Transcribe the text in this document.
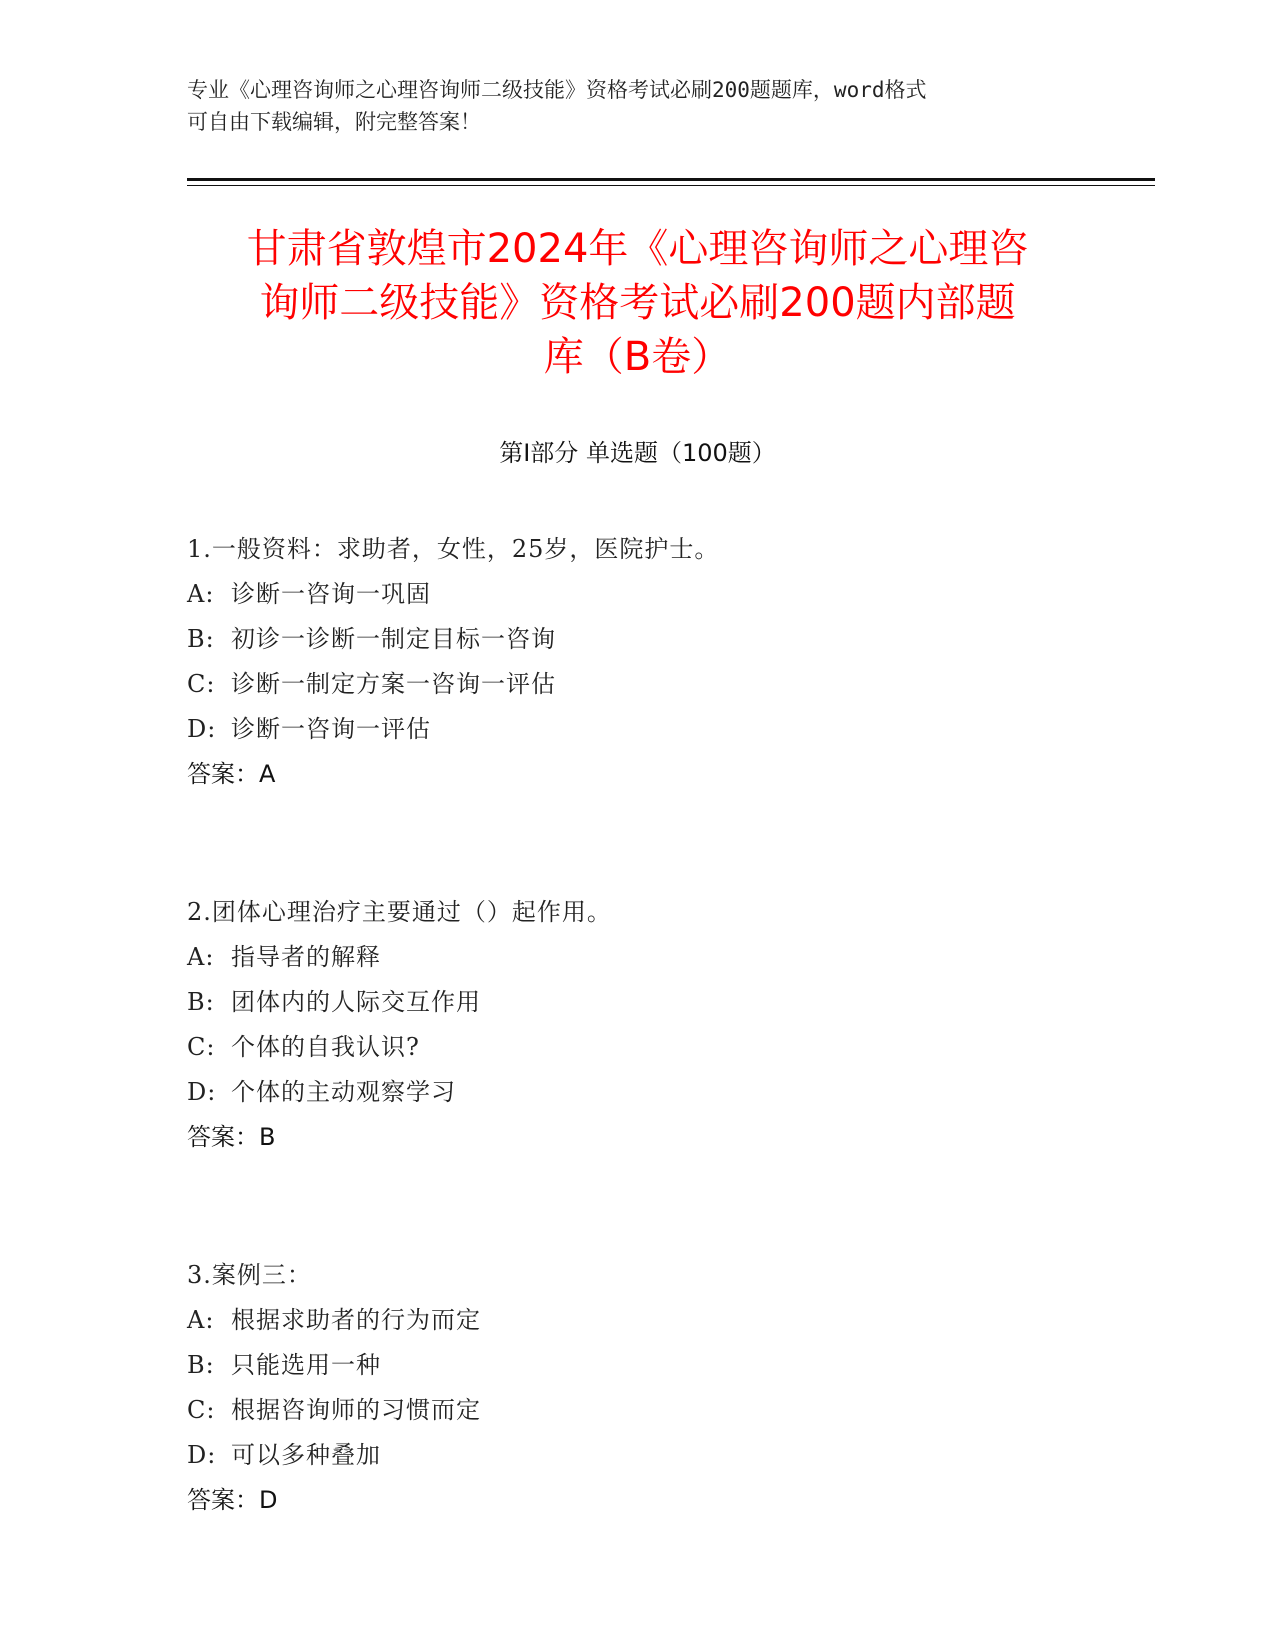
专业《心理咨询师之心理咨询师二级技能》资格考试必刷200题题库，word格式
可自由下载编辑，附完整答案！
甘肃省敦煌市2024年《心理咨询师之心理咨
询师二级技能》资格考试必刷200题内部题
库（B卷）
第Ⅰ部分 单选题（100题）
1.一般资料：求助者，女性，25岁，医院护士。
A: 诊断一咨询一巩固
B: 初诊一诊断一制定目标一咨询
C: 诊断一制定方案一咨询一评估
D: 诊断一咨询一评估
答案：A
2.团体心理治疗主要通过（）起作用。
A: 指导者的解释
B: 团体内的人际交互作用
C: 个体的自我认识?
D: 个体的主动观察学习
答案：B
3.案例三：
A: 根据求助者的行为而定
B: 只能选用一种
C: 根据咨询师的习惯而定
D: 可以多种叠加
答案：D
